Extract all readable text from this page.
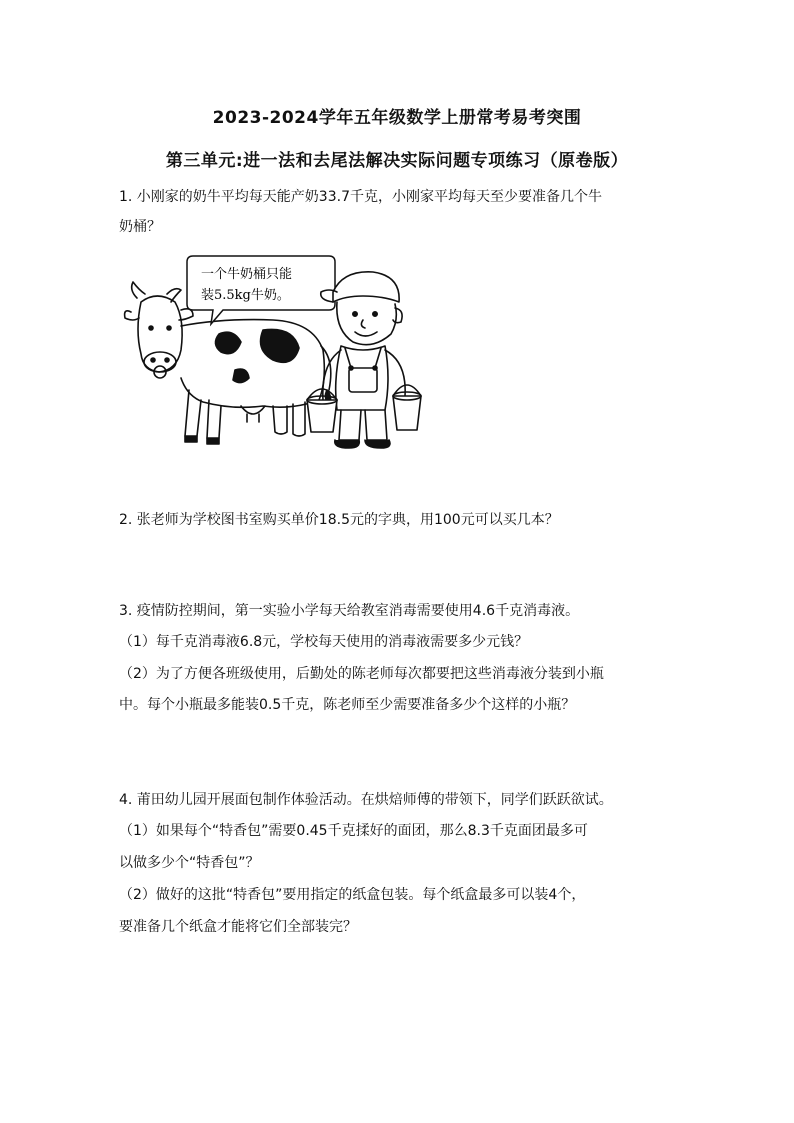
2023-2024学年五年级数学上册常考易考突围
第三单元:进一法和去尾法解决实际问题专项练习（原卷版）
1. 小刚家的奶牛平均每天能产奶33.7千克，小刚家平均每天至少要准备几个牛
奶桶？
一个牛奶桶只能
装5.5kg牛奶。
2. 张老师为学校图书室购买单价18.5元的字典，用100元可以买几本？
3. 疫情防控期间，第一实验小学每天给教室消毒需要使用4.6千克消毒液。
（1）每千克消毒液6.8元，学校每天使用的消毒液需要多少元钱？
（2）为了方便各班级使用，后勤处的陈老师每次都要把这些消毒液分装到小瓶
中。每个小瓶最多能装0.5千克，陈老师至少需要准备多少个这样的小瓶？
4. 莆田幼儿园开展面包制作体验活动。在烘焙师傅的带领下，同学们跃跃欲试。
（1）如果每个“特香包”需要0.45千克揉好的面团，那么8.3千克面团最多可
以做多少个“特香包”？
（2）做好的这批“特香包”要用指定的纸盒包装。每个纸盒最多可以装4个，
要准备几个纸盒才能将它们全部装完？
